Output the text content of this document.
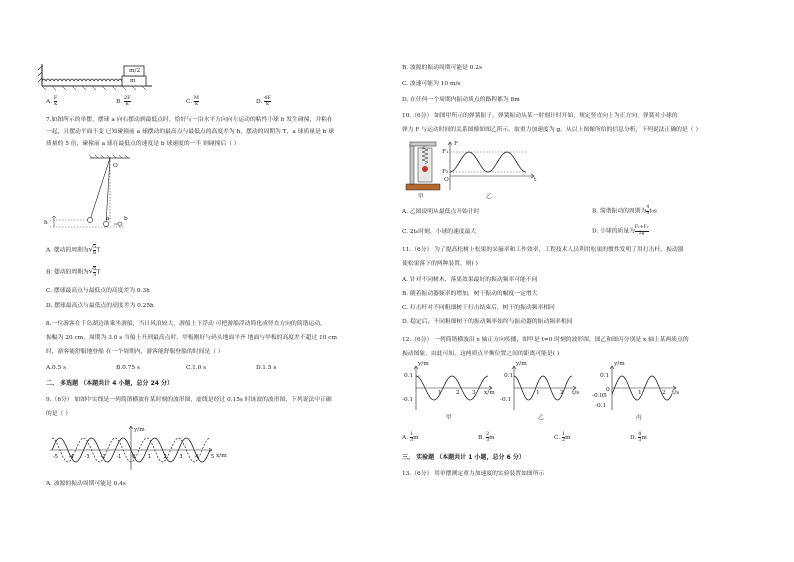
m/2
m
A. $\frac{F}{k}$	B. $\frac{2F}{k}$	C. $\frac{M}{k}$	D. $\frac{4F}{k}$
7.如图所示的单摆，摆球 a 向右摆动到最低点时，恰好与一沿水平方向向左运动的粘性小球 b 发生碰撞，并粘在
一起，且摆动平面不变 已知碰撞前 a 球摆动的最高点与最低点的高度差为 h，摆动的周期为 T，a 球质量是 b 球
质量的 5 倍，碰撞前 a 球在最低点的速度是 b 球速度的一半 则碰撞后（ ）
O
h
a	b
A. 摆动的周期为√ $\frac{5}{6}$ T
B. 摆动的周期为√ $\frac{6}{5}$ T
C. 摆球最高点与最低点的高度差为 0.3h
D. 摆球最高点与最低点的高度差为 0.25h
8.一位游客在千岛湖边欲乘坐游船，当日风浪较大，游船上下浮动 可把游船浮动简化成竖直方向的简谐运动，
振幅为 20 cm，周期为 3.0 s 当船上升到最高点时，甲板刚好与码头地面平齐 地面与甲板的高度差不超过 10 cm
时，游客能舒服地登船 在一个周期内，游客能舒服登船的时间是（ ）
A.0.5 s	B.0.75 s	C.1.0 s	D.1.5 s
二、 多选题 （本题共计 4 小题，总分 24 分）
9.（6分） 如图中实线是一列简谐横波在某时刻的波形图，虚线是经过 0.15s 时该波的波形图，下列说法中正确
的是（ ）
-5 -4 -3 -2 -1 0	1	2	3	4	5
y/m
x/m
A. 波源的振动周期可能是 0.4s
B. 波源的振动周期可能是 0.2s
C. 波速可能为 10 m/s
D. 在任何一个周期内振动质点的路程都为 8m
10.（6分） 如图甲所示的弹簧振子，弹簧振动从某一时刻计时开始，规定竖直向上为正方向，弹簧对小球的
弹力 F 与运动时间的关系图像如图乙所示，取重力加速度为 g，从以上图像所给的信息分析，下列说法正确的是（ ）
甲
F
F₁
F₂
O	t
乙
A. 乙图说明从最低点开始计时	B. 简谐振动的周期为 $\frac{4}{3} t_0s$
C. 2t₀时刻，小球的速度最大	D. 小球的质量为 $\frac{\text{F₁+F₂}}{2g}$
11.（6分） 为了提高松树上松果的采摘率和工作效率，工程技术人员利用松果的惯性发明了用打击杆、振动器
使松果落下的两种装置，则( )
A. 针对不同树木，落果效果最好的振动频率可能不同
B. 随着振动器频率的增加，树干振动的幅度一定增大
C. 打击杆对不同粗细树干打击结束后，树干的振动频率相同
D. 稳定后，不同粗细树干的振动频率始终与振动器的振动频率相同
12.（6分） 一列简谐横波沿 x 轴正方向传播，图甲是 t=0 时刻的波形图，图乙和图丙分别是 x 轴上某两质点的
振动图象，由此可知，这两质点平衡位置之间的距离可能是( )
y/m
0.1
-0.1
1 2 3 x/m
甲
y/m
0.1
-0.1
1	2 t/s
乙
y/m
0.1
0
-0.05
-0.1
1	2 t/s
丙
A. $\frac{1}{3}$ m	B. $\frac{2}{3}$ m	C. $\frac{1}{2}$ m	D. $\frac{4}{3}$ m
三、 实验题 （本题共计 1 小题，总分 6 分）
13.（6分） 用单摆测定重力加速度的实验装置如图所示
